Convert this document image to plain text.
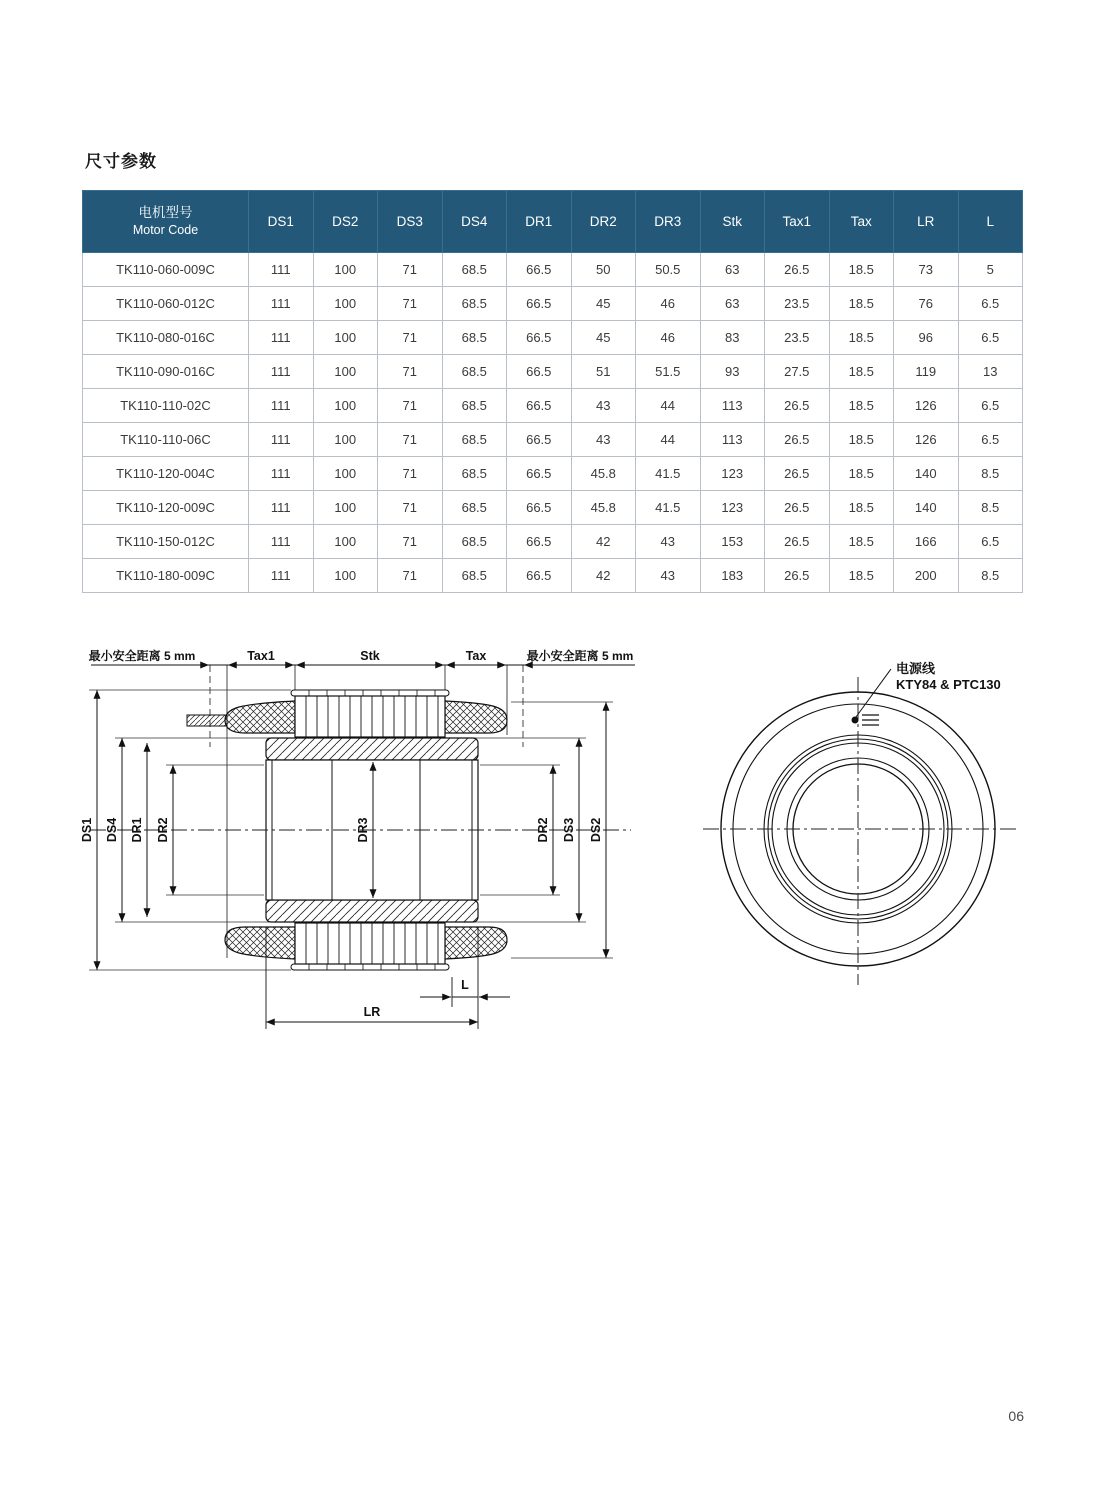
尺寸参数
电机型号
Motor Code	DS1	DS2	DS3	DS4	DR1	DR2	DR3	Stk	Tax1	Tax	LR	L
TK110-060-009C	111	100	71	68.5	66.5	50	50.5	63	26.5	18.5	73	5
TK110-060-012C	111	100	71	68.5	66.5	45	46	63	23.5	18.5	76	6.5
TK110-080-016C	111	100	71	68.5	66.5	45	46	83	23.5	18.5	96	6.5
TK110-090-016C	111	100	71	68.5	66.5	51	51.5	93	27.5	18.5	119	13
TK110-110-02C	111	100	71	68.5	66.5	43	44	113	26.5	18.5	126	6.5
TK110-110-06C	111	100	71	68.5	66.5	43	44	113	26.5	18.5	126	6.5
TK110-120-004C	111	100	71	68.5	66.5	45.8	41.5	123	26.5	18.5	140	8.5
TK110-120-009C	111	100	71	68.5	66.5	45.8	41.5	123	26.5	18.5	140	8.5
TK110-150-012C	111	100	71	68.5	66.5	42	43	153	26.5	18.5	166	6.5
TK110-180-009C	111	100	71	68.5	66.5	42	43	183	26.5	18.5	200	8.5
最小安全距离 5 mm	Tax1	Stk	Tax	最小安全距离 5 mm
DS1 DS4 DR1 DR2	DR3	DR2 DS3 DS2
L
LR
电源线
KTY84 & PTC130
06
